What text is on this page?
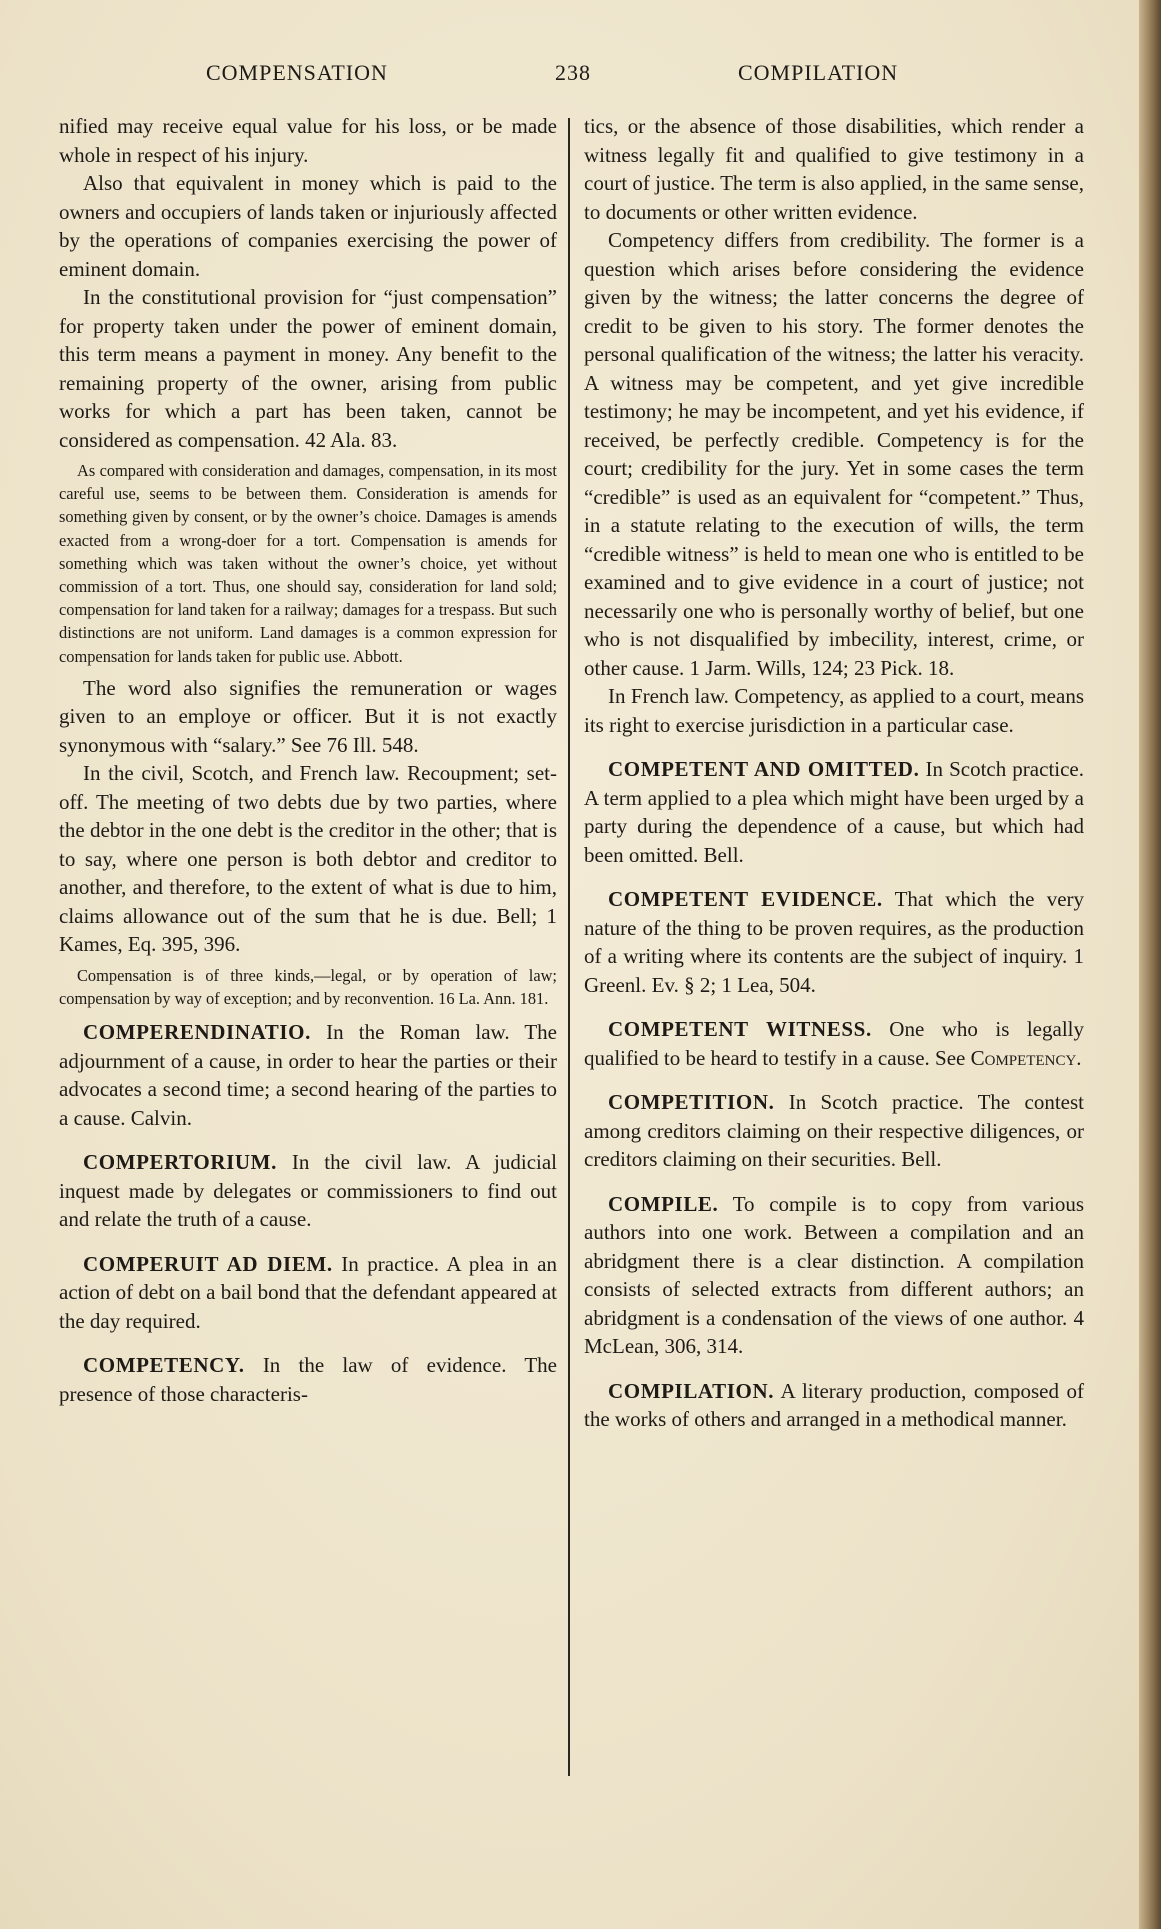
COMPENSATION	238	COMPILATION

nified may receive equal value for his loss, or be made whole in respect of his injury.

Also that equivalent in money which is paid to the owners and occupiers of lands taken or injuriously affected by the operations of companies exercising the power of eminent domain.

In the constitutional provision for “just compensation” for property taken under the power of eminent domain, this term means a payment in money. Any benefit to the remaining property of the owner, arising from public works for which a part has been taken, cannot be considered as compensation. 42 Ala. 83.

As compared with consideration and damages, compensation, in its most careful use, seems to be between them. Consideration is amends for something given by consent, or by the owner’s choice. Damages is amends exacted from a wrong-doer for a tort. Compensation is amends for something which was taken without the owner’s choice, yet without commission of a tort. Thus, one should say, consideration for land sold; compensation for land taken for a railway; damages for a trespass. But such distinctions are not uniform. Land damages is a common expression for compensation for lands taken for public use. Abbott.

The word also signifies the remuneration or wages given to an employe or officer. But it is not exactly synonymous with “salary.” See 76 Ill. 548.

In the civil, Scotch, and French law. Recoupment; set-off. The meeting of two debts due by two parties, where the debtor in the one debt is the creditor in the other; that is to say, where one person is both debtor and creditor to another, and therefore, to the extent of what is due to him, claims allowance out of the sum that he is due. Bell; 1 Kames, Eq. 395, 396.

Compensation is of three kinds,—legal, or by operation of law; compensation by way of exception; and by reconvention. 16 La. Ann. 181.

COMPERENDINATIO. In the Roman law. The adjournment of a cause, in order to hear the parties or their advocates a second time; a second hearing of the parties to a cause. Calvin.

COMPERTORIUM. In the civil law. A judicial inquest made by delegates or commissioners to find out and relate the truth of a cause.

COMPERUIT AD DIEM. In practice. A plea in an action of debt on a bail bond that the defendant appeared at the day required.

COMPETENCY. In the law of evidence. The presence of those characteris-

tics, or the absence of those disabilities, which render a witness legally fit and qualified to give testimony in a court of justice. The term is also applied, in the same sense, to documents or other written evidence.

Competency differs from credibility. The former is a question which arises before considering the evidence given by the witness; the latter concerns the degree of credit to be given to his story. The former denotes the personal qualification of the witness; the latter his veracity. A witness may be competent, and yet give incredible testimony; he may be incompetent, and yet his evidence, if received, be perfectly credible. Competency is for the court; credibility for the jury. Yet in some cases the term “credible” is used as an equivalent for “competent.” Thus, in a statute relating to the execution of wills, the term “credible witness” is held to mean one who is entitled to be examined and to give evidence in a court of justice; not necessarily one who is personally worthy of belief, but one who is not disqualified by imbecility, interest, crime, or other cause. 1 Jarm. Wills, 124; 23 Pick. 18.

In French law. Competency, as applied to a court, means its right to exercise jurisdiction in a particular case.

COMPETENT AND OMITTED. In Scotch practice. A term applied to a plea which might have been urged by a party during the dependence of a cause, but which had been omitted. Bell.

COMPETENT EVIDENCE. That which the very nature of the thing to be proven requires, as the production of a writing where its contents are the subject of inquiry. 1 Greenl. Ev. § 2; 1 Lea, 504.

COMPETENT WITNESS. One who is legally qualified to be heard to testify in a cause. See Competency.

COMPETITION. In Scotch practice. The contest among creditors claiming on their respective diligences, or creditors claiming on their securities. Bell.

COMPILE. To compile is to copy from various authors into one work. Between a compilation and an abridgment there is a clear distinction. A compilation consists of selected extracts from different authors; an abridgment is a condensation of the views of one author. 4 McLean, 306, 314.

COMPILATION. A literary production, composed of the works of others and arranged in a methodical manner.
